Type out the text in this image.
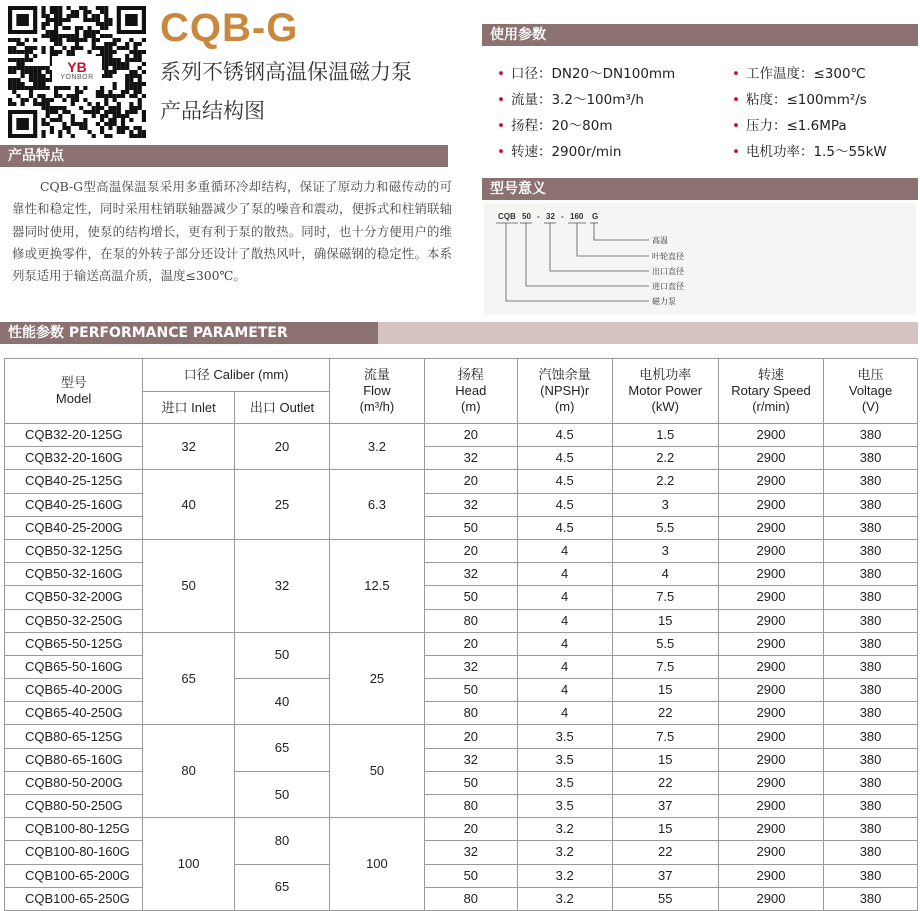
YB
YONBOR
CQB-G
系列不锈钢高温保温磁力泵
产品结构图
产品特点
CQB-G型高温保温泵采用多重循环冷却结构，保证了原动力和磁传动的可靠性和稳定性，同时采用柱销联轴器减少了泵的噪音和震动，便拆式和柱销联轴器同时使用，使泵的结构增长，更有利于泵的散热。同时，也十分方便用户的维修或更换零件，在泵的外转子部分还设计了散热风叶，确保磁钢的稳定性。本系列泵适用于输送高温介质，温度≤300℃。
使用参数
• 口径：DN20～DN100mm
• 流量：3.2～100m³/h
• 扬程：20～80m
• 转速：2900r/min
• 工作温度：≤300℃
• 粘度：≤100mm²/s
• 压力：≤1.6MPa
• 电机功率：1.5～55kW
型号意义
CQB 50 - 32 - 160 G
高温
叶轮直径
出口直径
进口直径
磁力泵
性能参数 PERFORMANCE PARAMETER
型号
Model	口径 Caliber (mm)		流量
Flow
(m³/h)	扬程
Head
(m)	汽蚀余量
(NPSH)r
(m)	电机功率
Motor Power
(kW)	转速
Rotary Speed
(r/min)	电压
Voltage
(V)
	进口 Inlet	出口 Outlet						
CQB32-20-125G	32	20	3.2	20	4.5	1.5	2900	380
CQB32-20-160G				32	4.5	2.2	2900	380
CQB40-25-125G	40	25	6.3	20	4.5	2.2	2900	380
CQB40-25-160G				32	4.5	3	2900	380
CQB40-25-200G				50	4.5	5.5	2900	380
CQB50-32-125G	50	32	12.5	20	4	3	2900	380
CQB50-32-160G				32	4	4	2900	380
CQB50-32-200G				50	4	7.5	2900	380
CQB50-32-250G				80	4	15	2900	380
CQB65-50-125G	65	50	25	20	4	5.5	2900	380
CQB65-50-160G				32	4	7.5	2900	380
CQB65-40-200G		40		50	4	15	2900	380
CQB65-40-250G				80	4	22	2900	380
CQB80-65-125G	80	65	50	20	3.5	7.5	2900	380
CQB80-65-160G				32	3.5	15	2900	380
CQB80-50-200G		50		50	3.5	22	2900	380
CQB80-50-250G				80	3.5	37	2900	380
CQB100-80-125G	100	80	100	20	3.2	15	2900	380
CQB100-80-160G				32	3.2	22	2900	380
CQB100-65-200G		65		50	3.2	37	2900	380
CQB100-65-250G				80	3.2	55	2900	380
